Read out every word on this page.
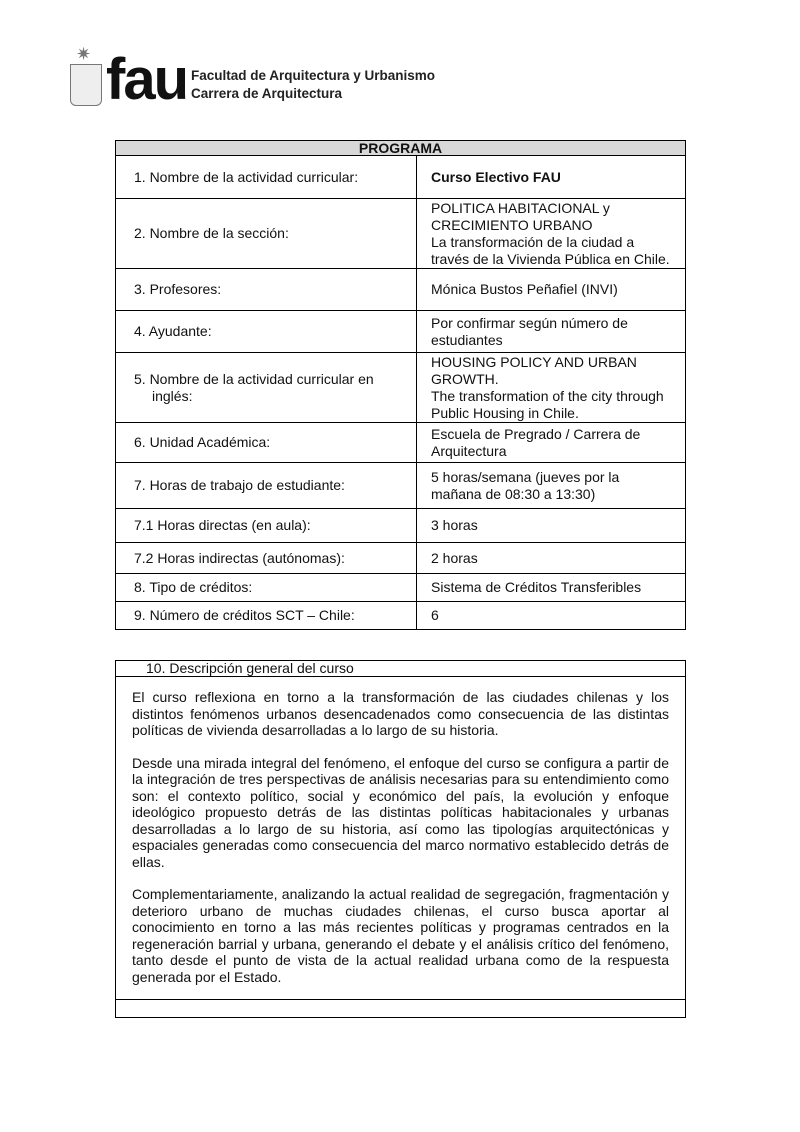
✷ fau Facultad de Arquitectura y Urbanismo
Carrera de Arquitectura
PROGRAMA	
1. Nombre de la actividad curricular:	Curso Electivo FAU
2. Nombre de la sección:	POLITICA HABITACIONAL y CRECIMIENTO URBANO
La transformación de la ciudad a través de la Vivienda Pública en Chile.

3. Profesores:	Mónica Bustos Peñafiel (INVI)
4. Ayudante:	Por confirmar según número de estudiantes
5. Nombre de la actividad curricular en inglés:	HOUSING POLICY AND URBAN GROWTH.
The transformation of the city through Public Housing in Chile.

6. Unidad Académica:	Escuela de Pregrado / Carrera de Arquitectura
7. Horas de trabajo de estudiante:	5 horas/semana (jueves por la mañana de 08:30 a 13:30)
7.1 Horas directas (en aula):	3 horas
7.2 Horas indirectas (autónomas):	2 horas
8. Tipo de créditos:	Sistema de Créditos Transferibles
9. Número de créditos SCT – Chile:	6
10. Descripción general del curso

El curso reflexiona en torno a la transformación de las ciudades chilenas y los distintos fenómenos urbanos desencadenados como consecuencia de las distintas políticas de vivienda desarrolladas a lo largo de su historia.

Desde una mirada integral del fenómeno, el enfoque del curso se configura a partir de la integración de tres perspectivas de análisis necesarias para su entendimiento como son: el contexto político, social y económico del país, la evolución y enfoque ideológico propuesto detrás de las distintas políticas habitacionales y urbanas desarrolladas a lo largo de su historia, así como las tipologías arquitectónicas y espaciales generadas como consecuencia del marco normativo establecido detrás de ellas.

Complementariamente, analizando la actual realidad de segregación, fragmentación y deterioro urbano de muchas ciudades chilenas, el curso busca aportar al conocimiento en torno a las más recientes políticas y programas centrados en la regeneración barrial y urbana, generando el debate y el análisis crítico del fenómeno, tanto desde el punto de vista de la actual realidad urbana como de la respuesta generada por el Estado.
